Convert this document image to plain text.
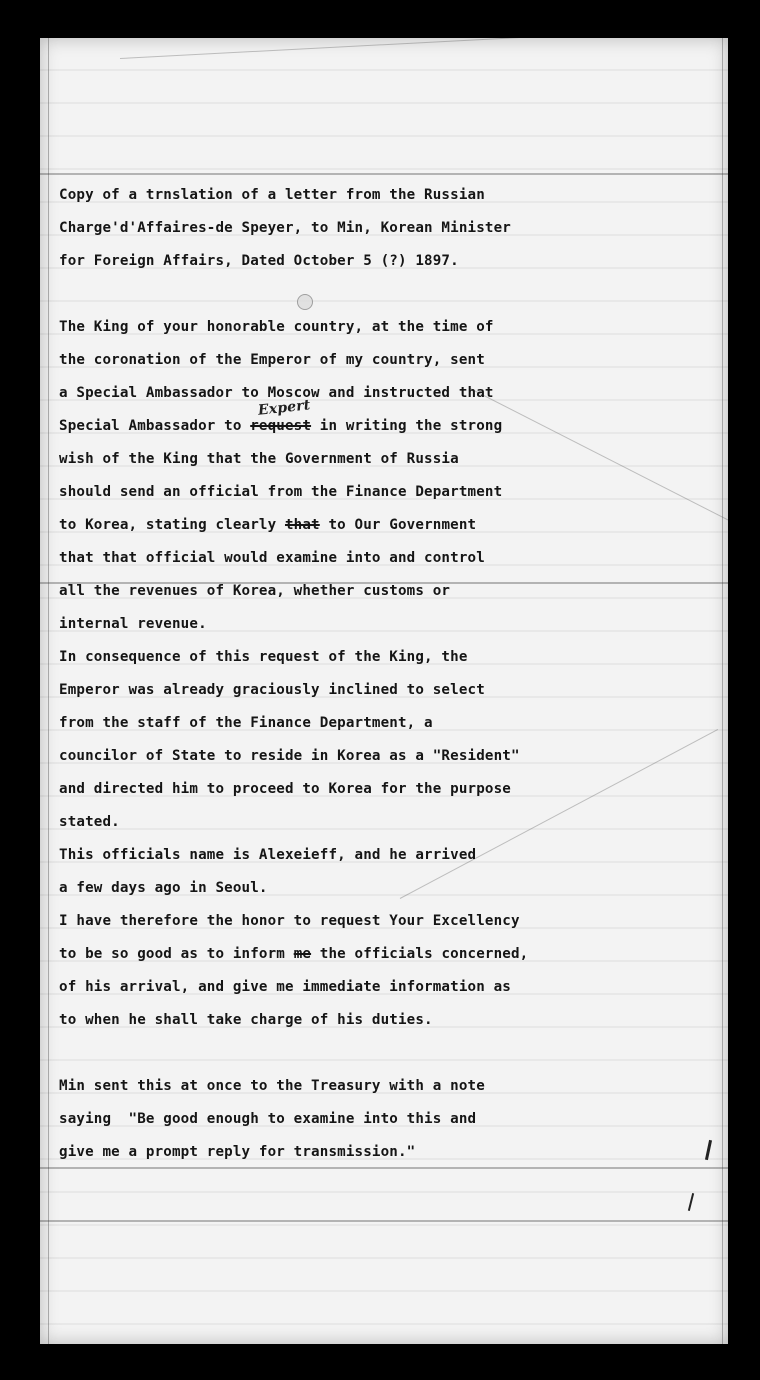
Copy of a trnslation of a letter from the Russian
Charge'd'Affaires-de Speyer, to Min, Korean Minister
for Foreign Affairs, Dated October 5 (?) 1897.
The King of your honorable country, at the time of
the coronation of the Emperor of my country, sent
a Special Ambassador to Moscow and instructed that
Special Ambassador to request
Expert
in writing the strong
wish of the King that the Government of Russia
should send an official from the Finance Department
to Korea, stating clearly that to Our Government
that that official would examine into and control
all the revenues of Korea, whether customs or
internal revenue.
In consequence of this request of the King, the
Emperor was already graciously inclined to select
from the staff of the Finance Department, a
councilor of State to reside in Korea as a "Resident"
and directed him to proceed to Korea for the purpose
stated.
This officials name is Alexeieff, and he arrived
a few days ago in Seoul.
I have therefore the honor to request Your Excellency
to be so good as to inform me the officials concerned,
of his arrival, and give me immediate information as
to when he shall take charge of his duties.
Min sent this at once to the Treasury with a note
saying  "Be good enough to examine into this and
give me a prompt reply for transmission."
